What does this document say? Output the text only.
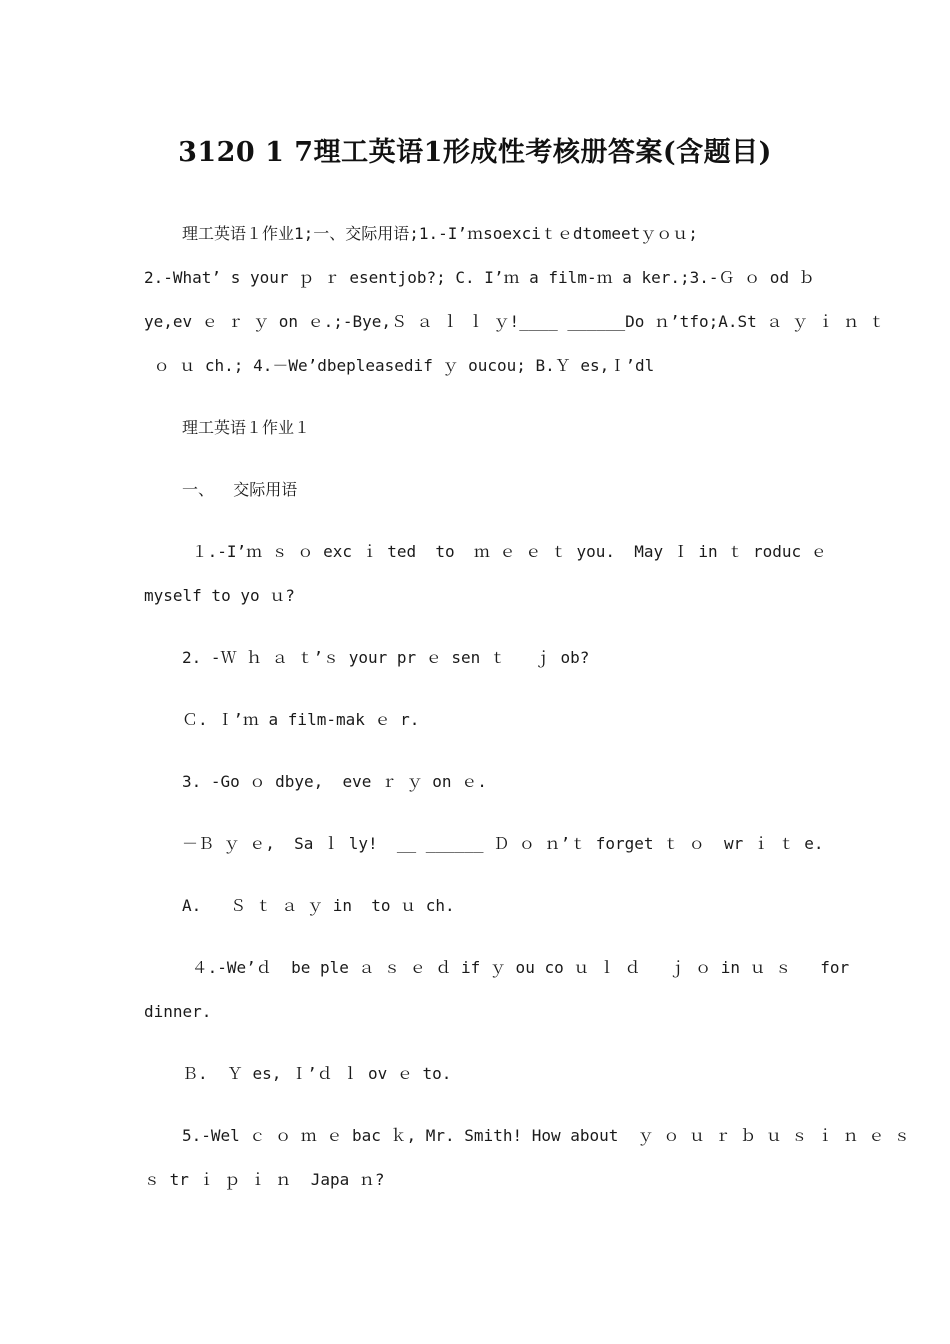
3120 1 7理工英语1形成性考核册答案(含题目)
理工英语１作业1;一、交际用语;1.-I’ｍsoexciｔｅdtomeetｙｏｕ;
2.-What’ s your ｐ ｒ esentjob?; C. I’ｍ a film-ｍ a ker.;3.-Ｇ ｏ od ｂ
ye,ev ｅ ｒ ｙ on ｅ.;-Bye,Ｓ ａ ｌ ｌ ｙ!____ ______Do ｎ’tfo;A.St ａ ｙ ｉ ｎ ｔ
ｏ ｕ ch.; 4.－We’dbepleasedif ｙ oucou; B.Ｙ es,Ｉ’dl
理工英语１作业１
一、  交际用语
１.-I’ｍ ｓ ｏ exc ｉ ted  to  ｍ ｅ ｅ ｔ you.  May Ｉ in ｔ roduc ｅ
myself to yo ｕ?
2. -Ｗ ｈ ａ ｔ’ｓ your pr ｅ sen ｔ   ｊ ob?
Ｃ. Ｉ’ｍ a film-mak ｅ r.
3. -Go ｏ dbye,  eve ｒ ｙ on ｅ.
－Ｂ ｙ ｅ,  Sa ｌ ly!  __ ______ Ｄ ｏ ｎ’ｔ forget ｔ ｏ  wr ｉ ｔ e.
A.   Ｓ ｔ ａ ｙ in  to ｕ ch.
４.-We’ｄ  be ple ａ ｓ ｅ ｄ if ｙ ou co ｕ ｌ ｄ   ｊ ｏ in ｕ ｓ   for
dinner.
Ｂ.  Ｙ es, Ｉ’ｄ ｌ ov ｅ to.
5.-Wel ｃ ｏ ｍ ｅ bac ｋ, Mr. Smith! How about  ｙ ｏ ｕ ｒ ｂ ｕ ｓ ｉ ｎ ｅ ｓ
ｓ tr ｉ ｐ ｉ ｎ  Japa ｎ?
